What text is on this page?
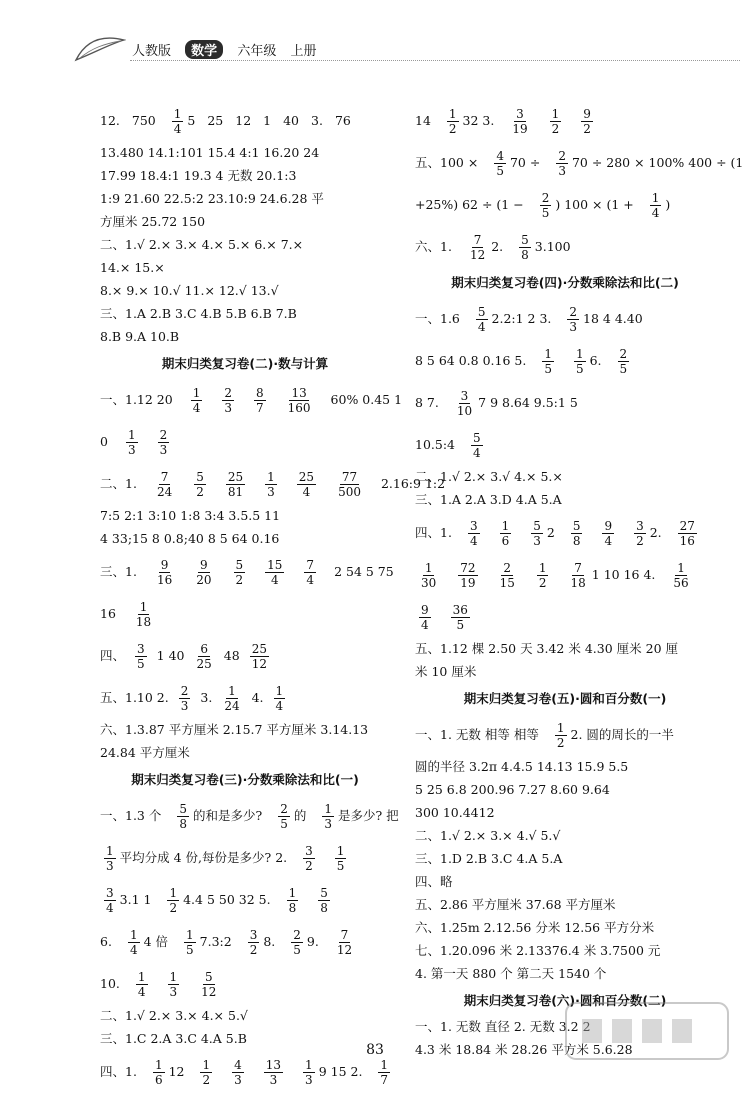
人教版 数学 六年级 上册
12. $750 \frac{1}{4} 5$ 25 12 1 40 3. 76
13.480 14.1:101 15.4 4:1 16.20 24
17.99 18.4:1 19.3 4 无数 20.1:3
1:9 21.60 22.5:2 23.10:9 24.6.28 平
方厘米 25.72 150
二、1.√ 2.× 3.× 4.× 5.× 6.× 7.×
14.× 15.×
8.× 9.× 10.√ 11.× 12.√ 13.√
三、1.A 2.B 3.C 4.B 5.B 6.B 7.B
8.B 9.A 10.B
期末归类复习卷(二)·数与计算
一、1.12 $20 \frac{1}{4} \frac{2}{3} \frac{8}{7} \frac{13}{160} 60\%$ 0.45 1
$0 \frac{1}{3} \frac{2}{3}$
二、1. $\frac{7}{24} \frac{5}{2} \frac{25}{81} \frac{1}{3} \frac{25}{4} \frac{77}{500}$ 2.16:9 1:2
7:5 2:1 3:10 1:8 3:4 3.5.5 11
4 33;15 8 0.8;40 8 5 64 0.16
三、1. $\frac{9}{16} \frac{9}{20} \frac{5}{2} \frac{15}{4} \frac{7}{4} 2$ 54 5 75
$16 \frac{1}{18}$
四、 $\frac{3}{5} 1$ $40 \frac{6}{25} 48 \frac{25}{12}$
五、1.10 2. $\frac{2}{3} 3$. $\frac{1}{24} 4$. $\frac{1}{4}$
六、1.3.87 平方厘米 2.15.7 平方厘米 3.14.13
24.84 平方厘米
期末归类复习卷(三)·分数乘除法和比(一)
一、1.3 个 $\frac{5}{8}$ 的和是多少? $\frac{2}{5}$ 的 $\frac{1}{3}$ 是多少? 把
$\frac{1}{3}$ 平均分成 4 份,每份是多少? 2. $\frac{3}{2} \frac{1}{5}$
$\frac{3}{4} 3.1$ $1 \frac{1}{2} 4.4$ 5 50 32 5. $\frac{1}{8} \frac{5}{8}$
6. $\frac{1}{4} 4$ 倍 $\frac{1}{5}$ 7.3:2 $\frac{3}{2} 8$. $\frac{2}{5} 9$. $\frac{7}{12}$
10. $\frac{1}{4} \frac{1}{3} \frac{5}{12}$
二、1.√ 2.× 3.× 4.× 5.√
三、1.C 2.A 3.C 4.A 5.B
四、1. $\frac{1}{6} 12 \frac{1}{2} \frac{4}{3} \frac{13}{3} \frac{1}{3} 9$ 15 2. $\frac{1}{7}$
$14 \frac{1}{2} 32$ 3. $\frac{3}{19} \frac{1}{2} \frac{9}{2}$
五、$100 \times \frac{4}{5} 70 \div \frac{2}{3} 70 \div 280 \times 100\%$ 400 ÷ (1
+25%) $62 \div (1 - \frac{2}{5}$ ) $100 \times (1 + \frac{1}{4}$ )
六、1. $\frac{7}{12} 2$. $\frac{5}{8} 3.100$
期末归类复习卷(四)·分数乘除法和比(二)
一、$1.6 \frac{5}{4}$ 2.2:1 2 3. $\frac{2}{3} 18$ 4 4.40
8 5 64 0.8 0.16 5. $\frac{1}{5} \frac{1}{5} 6$. $\frac{2}{5}$
8 7. $\frac{3}{10} 7$ 9 8.64 9.5:1 5
10.5:4 $\frac{5}{4}$
二、1.√ 2.× 3.√ 4.× 5.×
三、1.A 2.A 3.D 4.A 5.A
四、1. $\frac{3}{4} \frac{1}{6} \frac{5}{3} 2 \frac{5}{8} \frac{9}{4} \frac{3}{2} 2$. $\frac{27}{16}$
$\frac{1}{30} \frac{72}{19} \frac{2}{15} \frac{1}{2} \frac{7}{18} 1$ 10 16 4. $\frac{1}{56}$
$\frac{9}{4} \frac{36}{5}$
五、1.12 棵 2.50 天 3.42 米 4.30 厘米 20 厘
米 10 厘米
期末归类复习卷(五)·圆和百分数(一)
一、1. 无数 相等 相等 $\frac{1}{2} 2$. 圆的周长的一半
圆的半径 3.2π 4.4.5 14.13 15.9 5.5
5 25 6.8 200.96 7.27 8.60 9.64
300 10.4412
二、1.√ 2.× 3.× 4.√ 5.√
三、1.D 2.B 3.C 4.A 5.A
四、略
五、2.86 平方厘米 37.68 平方厘米
六、1.25m 2.12.56 分米 12.56 平方分米
七、1.20.096 米 2.13376.4 米 3.7500 元
4. 第一天 880 个 第二天 1540 个
期末归类复习卷(六)·圆和百分数(二)
一、1. 无数 直径 2. 无数 3.2 2
4.3 米 18.84 米 28.26 平方米 5.6.28
83
